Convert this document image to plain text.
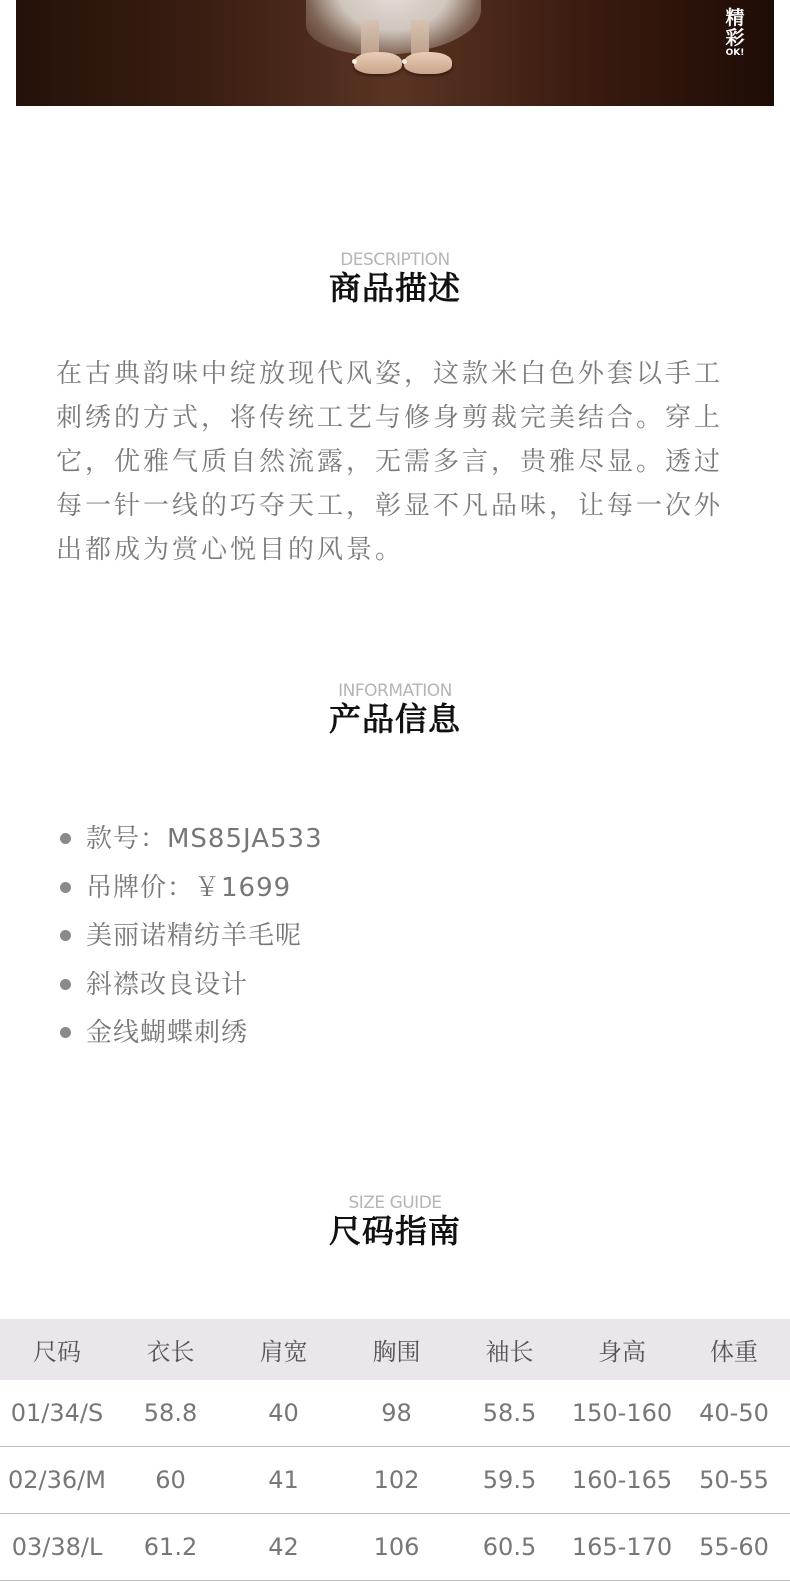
精
彩
OK!
DESCRIPTION
商品描述

在古典韵味中绽放现代风姿，这款米白色外套以手工刺绣的方式，将传统工艺与修身剪裁完美结合。穿上它，优雅气质自然流露，无需多言，贵雅尽显。透过每一针一线的巧夺天工，彰显不凡品味，让每一次外出都成为赏心悦目的风景。

INFORMATION
产品信息
款号：MS85JA533
吊牌价：￥1699
美丽诺精纺羊毛呢
斜襟改良设计
金线蝴蝶刺绣
SIZE GUIDE
尺码指南
尺码	衣长	肩宽	胸围	袖长	身高	体重
01/34/S	58.8	40	98	58.5	150-160	40-50
02/36/M	60	41	102	59.5	160-165	50-55
03/38/L	61.2	42	106	60.5	165-170	55-60
